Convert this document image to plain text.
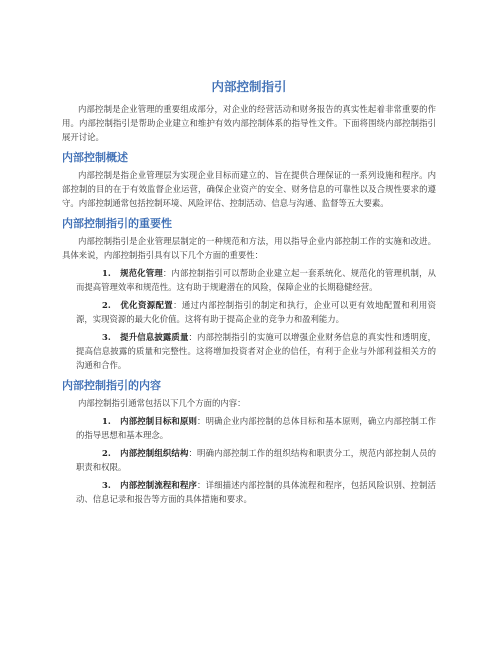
内部控制指引

内部控制是企业管理的重要组成部分，对企业的经营活动和财务报告的真实性起着非常重要的作用。内部控制指引是帮助企业建立和维护有效内部控制体系的指导性文件。下面将围绕内部控制指引展开讨论。

内部控制概述

内部控制是指企业管理层为实现企业目标而建立的、旨在提供合理保证的一系列设施和程序。内部控制的目的在于有效监督企业运营，确保企业资产的安全、财务信息的可靠性以及合规性要求的遵守。内部控制通常包括控制环境、风险评估、控制活动、信息与沟通、监督等五大要素。

内部控制指引的重要性

内部控制指引是企业管理层制定的一种规范和方法，用以指导企业内部控制工作的实施和改进。具体来说，内部控制指引具有以下几个方面的重要性：

1. 规范化管理：内部控制指引可以帮助企业建立起一套系统化、规范化的管理机制，从而提高管理效率和规范性。这有助于规避潜在的风险，保障企业的长期稳健经营。
2. 优化资源配置：通过内部控制指引的制定和执行，企业可以更有效地配置和利用资源，实现资源的最大化价值。这将有助于提高企业的竞争力和盈利能力。
3. 提升信息披露质量：内部控制指引的实施可以增强企业财务信息的真实性和透明度，提高信息披露的质量和完整性。这将增加投资者对企业的信任，有利于企业与外部利益相关方的沟通和合作。
内部控制指引的内容

内部控制指引通常包括以下几个方面的内容：

1. 内部控制目标和原则：明确企业内部控制的总体目标和基本原则，确立内部控制工作的指导思想和基本理念。
2. 内部控制组织结构：明确内部控制工作的组织结构和职责分工，规范内部控制人员的职责和权限。
3. 内部控制流程和程序：详细描述内部控制的具体流程和程序，包括风险识别、控制活动、信息记录和报告等方面的具体措施和要求。
